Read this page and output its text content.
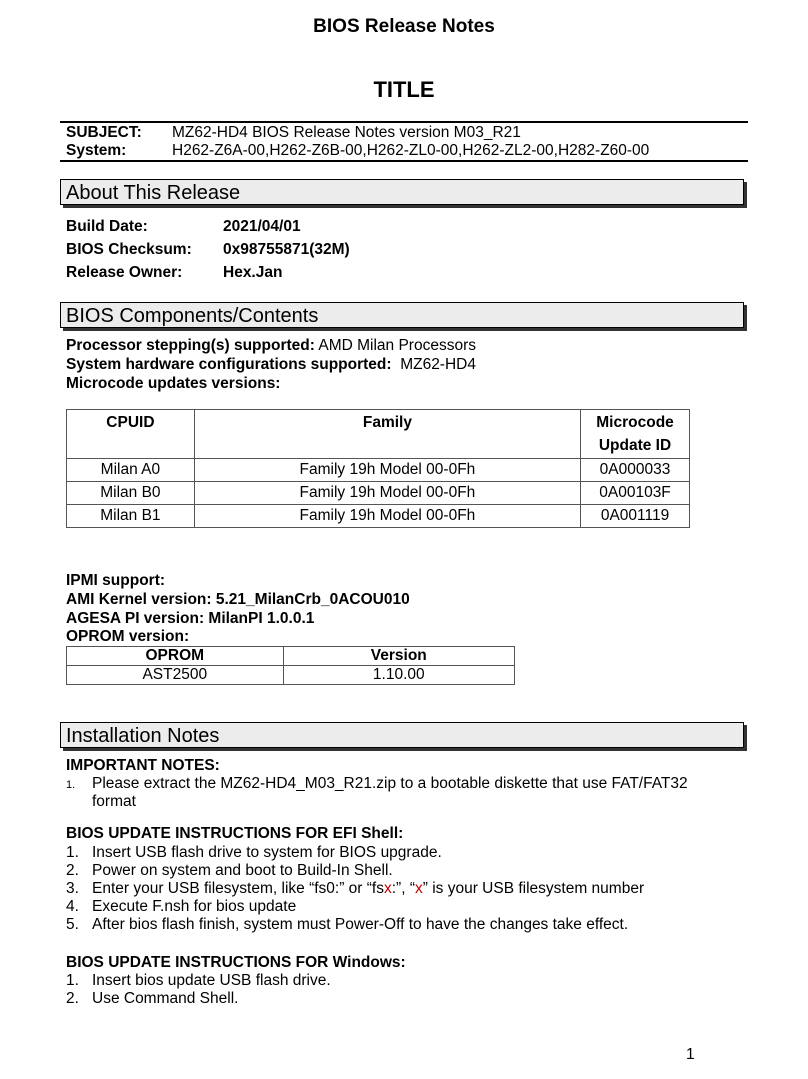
BIOS Release Notes
TITLE
SUBJECT: MZ62-HD4 BIOS Release Notes version M03_R21
System:	H262-Z6A-00,H262-Z6B-00,H262-ZL0-00,H262-ZL2-00,H282-Z60-00
About This Release
Build Date:	2021/04/01
BIOS Checksum: 0x98755871(32M)
Release Owner:	Hex.Jan
BIOS Components/Contents
Processor stepping(s) supported: AMD Milan Processors
System hardware configurations supported: MZ62-HD4
Microcode updates versions:
CPUID	Family	Microcode
Update ID
Milan A0	Family 19h Model 00-0Fh	0A000033
Milan B0	Family 19h Model 00-0Fh	0A00103F
Milan B1	Family 19h Model 00-0Fh	0A001119
IPMI support:
AMI Kernel version: 5.21_MilanCrb_0ACOU010
AGESA PI version: MilanPI 1.0.0.1
OPROM version:
OPROM	Version
AST2500	1.10.00
Installation Notes
IMPORTANT NOTES:
1. Please extract the MZ62-HD4_M03_R21.zip to a bootable diskette that use FAT/FAT32
format
BIOS UPDATE INSTRUCTIONS FOR EFI Shell:
1. Insert USB flash drive to system for BIOS upgrade.
2. Power on system and boot to Build-In Shell.
3. Enter your USB filesystem, like “fs0:” or “fsx:”, “x” is your USB filesystem number
4. Execute F.nsh for bios update
5. After bios flash finish, system must Power-Off to have the changes take effect.
BIOS UPDATE INSTRUCTIONS FOR Windows:
1. Insert bios update USB flash drive.
2. Use Command Shell.
1
